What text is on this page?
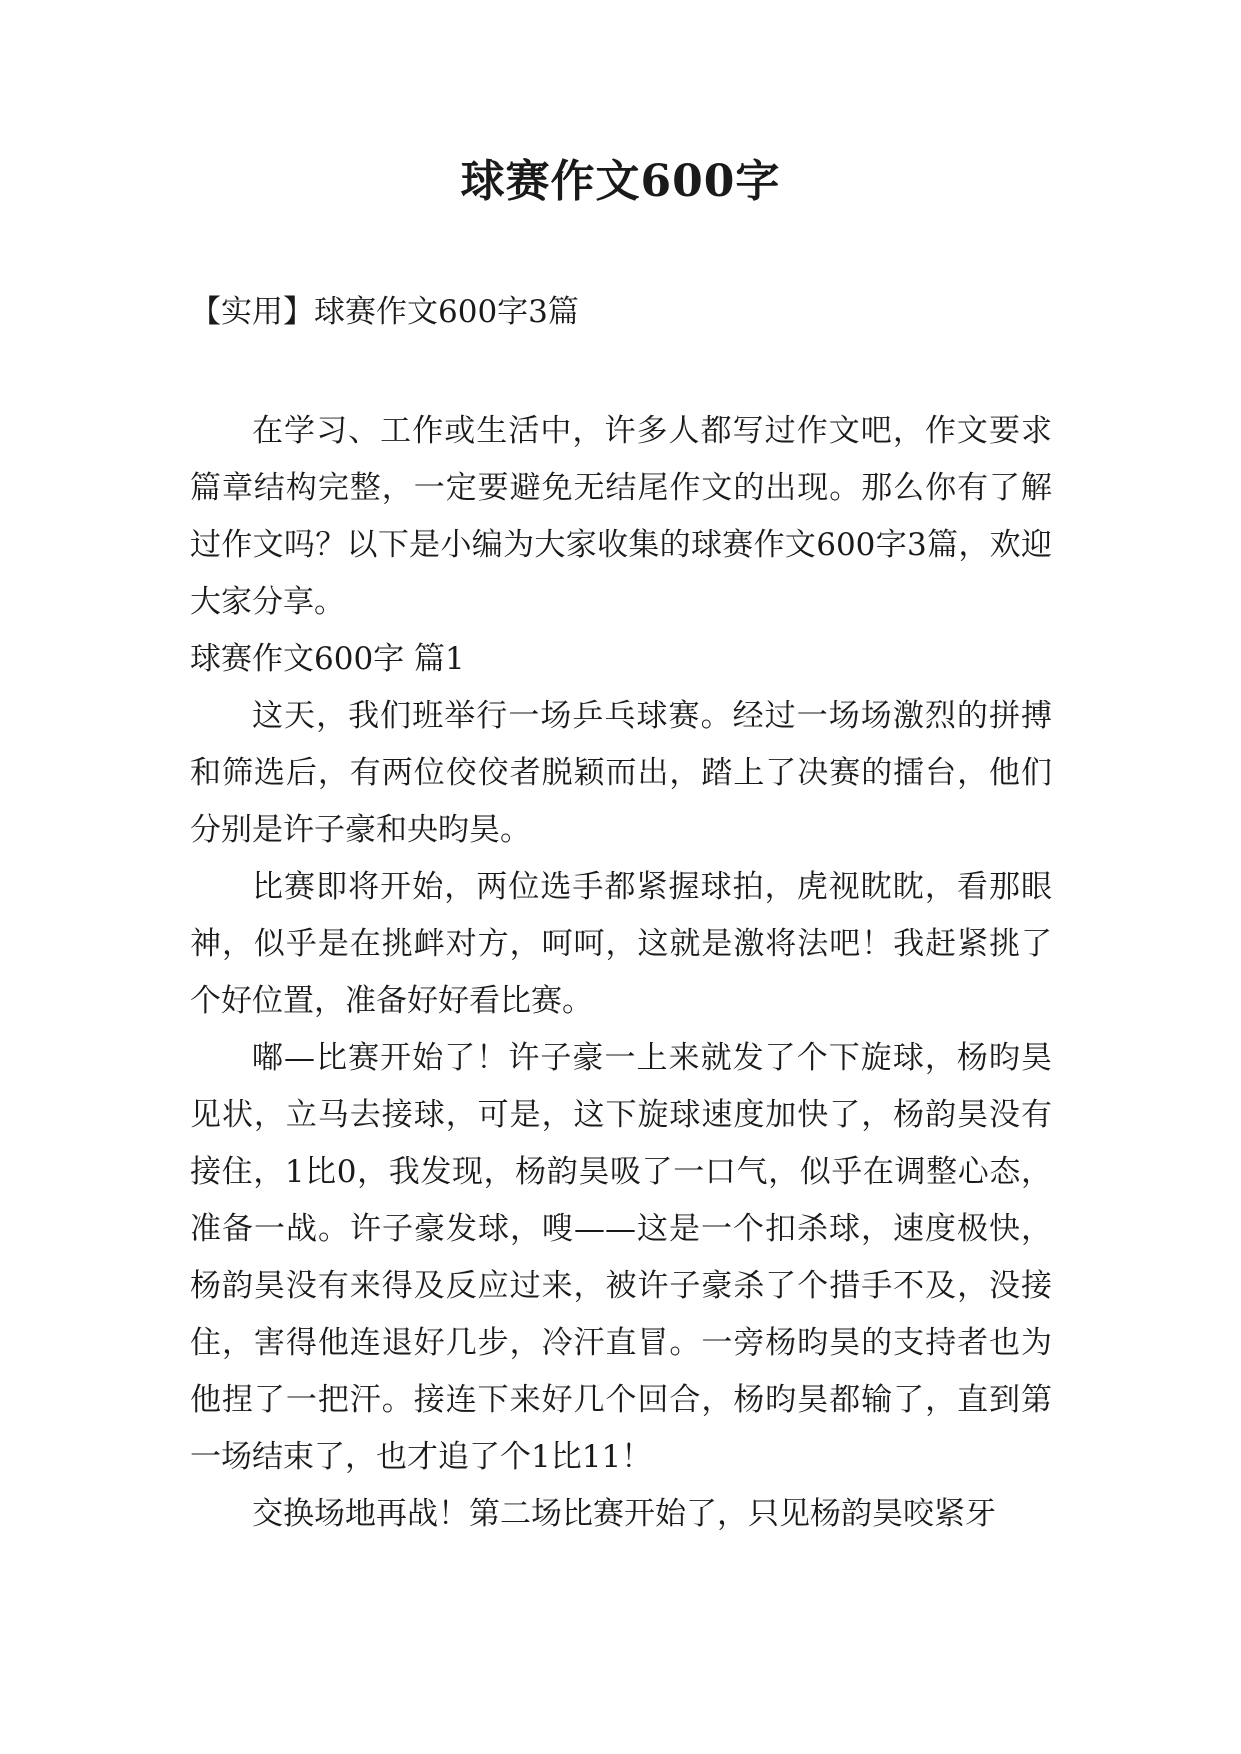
球赛作文600字
【实用】球赛作文600字3篇

在学习、工作或生活中，许多人都写过作文吧，作文要求篇章结构完整，一定要避免无结尾作文的出现。那么你有了解过作文吗？以下是小编为大家收集的球赛作文600字3篇，欢迎大家分享。

球赛作文600字 篇1

这天，我们班举行一场乒乓球赛。经过一场场激烈的拼搏和筛选后，有两位佼佼者脱颖而出，踏上了决赛的擂台，他们分别是许子豪和央昀昊。

比赛即将开始，两位选手都紧握球拍，虎视眈眈，看那眼神，似乎是在挑衅对方，呵呵，这就是激将法吧！我赶紧挑了个好位置，准备好好看比赛。

嘟—比赛开始了！许子豪一上来就发了个下旋球，杨昀昊见状，立马去接球，可是，这下旋球速度加快了，杨韵昊没有接住，1比0，我发现，杨韵昊吸了一口气，似乎在调整心态，准备一战。许子豪发球，嗖——这是一个扣杀球，速度极快，杨韵昊没有来得及反应过来，被许子豪杀了个措手不及，没接住，害得他连退好几步，冷汗直冒。一旁杨昀昊的支持者也为他捏了一把汗。接连下来好几个回合，杨昀昊都输了，直到第一场结束了，也才追了个1比11！

交换场地再战！第二场比赛开始了，只见杨韵昊咬紧牙
